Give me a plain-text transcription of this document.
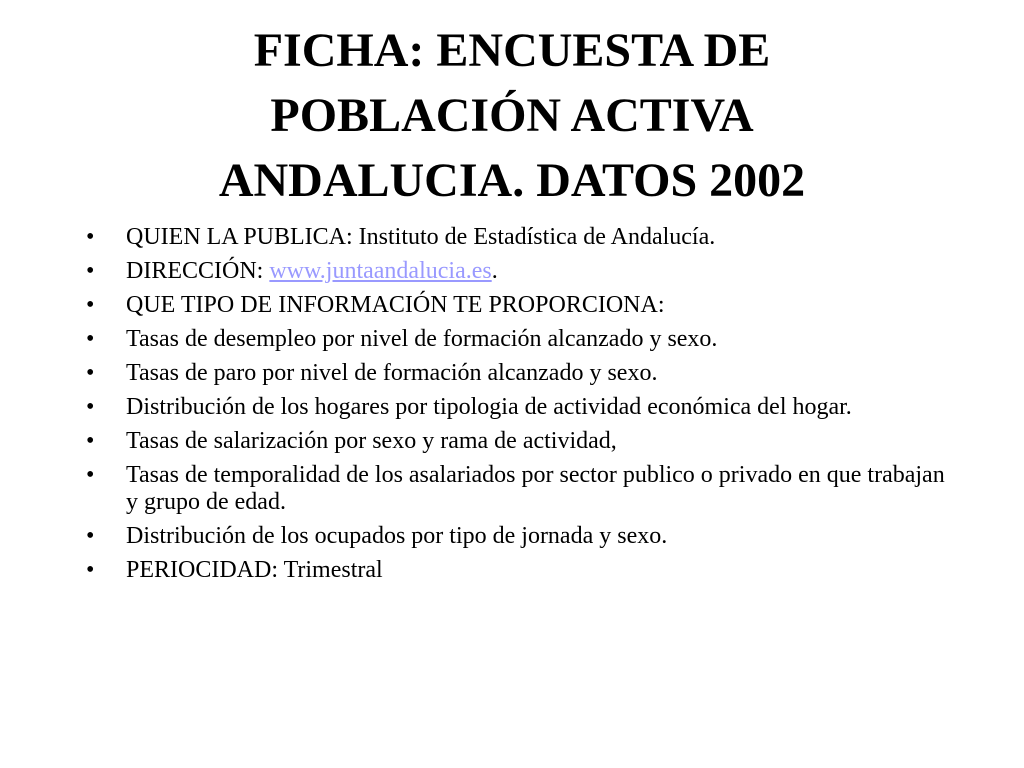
FICHA: ENCUESTA DE
POBLACIÓN ACTIVA
ANDALUCIA. DATOS 2002
• QUIEN LA PUBLICA: Instituto de Estadística de Andalucía.
• DIRECCIÓN: www.juntaandalucia.es.
• QUE TIPO DE INFORMACIÓN TE PROPORCIONA:
• Tasas de desempleo por nivel de formación alcanzado y sexo.
• Tasas de paro por nivel de formación alcanzado y sexo.
• Distribución de los hogares por tipologia de actividad económica del hogar.
• Tasas de salarización por sexo y rama de actividad,
• Tasas de temporalidad de los asalariados por sector publico o privado en que trabajan y grupo de edad.
• Distribución de los ocupados por tipo de jornada y sexo.
• PERIOCIDAD: Trimestral
